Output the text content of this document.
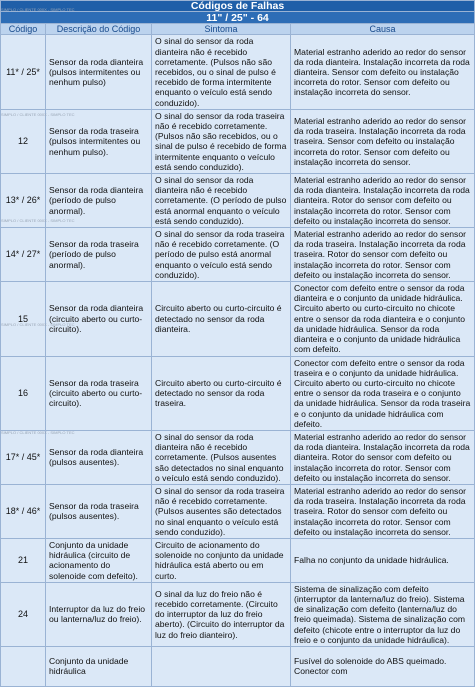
Códigos de Falhas			
11" / 25" - 64			
Código	Descrição do Código	Sintoma	Causa
11* / 25*	Sensor da roda dianteira (pulsos intermitentes ou nenhum pulso)	O sinal do sensor da roda dianteira não é recebido corretamente. (Pulsos não são recebidos, ou o sinal de pulso é recebido de forma intermitente enquanto o veículo está sendo conduzido).	Material estranho aderido ao redor do sensor da roda dianteira. Instalação incorreta da roda dianteira. Sensor com defeito ou instalação incorreta do rotor. Sensor com defeito ou instalação incorreta do sensor.
12	Sensor da roda traseira (pulsos intermitentes ou nenhum pulso).	O sinal do sensor da roda traseira não é recebido corretamente. (Pulsos não são recebidos, ou o sinal de pulso é recebido de forma intermitente enquanto o veículo está sendo conduzido).	Material estranho aderido ao redor do sensor da roda traseira. Instalação incorreta da roda traseira. Sensor com defeito ou instalação incorreta do rotor. Sensor com defeito ou instalação incorreta do sensor.
13* / 26*	Sensor da roda dianteira (período de pulso anormal).	O sinal do sensor da roda dianteira não é recebido corretamente. (O período de pulso está anormal enquanto o veículo está sendo conduzido).	Material estranho aderido ao redor do sensor da roda dianteira. Instalação incorreta da roda dianteira. Rotor do sensor com defeito ou instalação incorreta do rotor. Sensor com defeito ou instalação incorreta do sensor.
14* / 27*	Sensor da roda traseira (período de pulso anormal).	O sinal do sensor da roda traseira não é recebido corretamente. (O período de pulso está anormal enquanto o veículo está sendo conduzido).	Material estranho aderido ao redor do sensor da roda traseira. Instalação incorreta da roda traseira. Rotor do sensor com defeito ou instalação incorreta do rotor. Sensor com defeito ou instalação incorreta do sensor.
15	Sensor da roda dianteira (circuito aberto ou curto-circuito).	Circuito aberto ou curto-circuito é detectado no sensor da roda dianteira.	Conector com defeito entre o sensor da roda dianteira e o conjunto da unidade hidráulica. Circuito aberto ou curto-circuito no chicote entre o sensor da roda dianteira e o conjunto da unidade hidráulica. Sensor da roda dianteira e o conjunto da unidade hidráulica com defeito.
16	Sensor da roda traseira (circuito aberto ou curto-circuito).	Circuito aberto ou curto-circuito é detectado no sensor da roda traseira.	Conector com defeito entre o sensor da roda traseira e o conjunto da unidade hidráulica. Circuito aberto ou curto-circuito no chicote entre o sensor da roda traseira e o conjunto da unidade hidráulica. Sensor da roda traseira e o conjunto da unidade hidráulica com defeito.
17* / 45*	Sensor da roda dianteira (pulsos ausentes).	O sinal do sensor da roda dianteira não é recebido corretamente. (Pulsos ausentes são detectados no sinal enquanto o veículo está sendo conduzido).	Material estranho aderido ao redor do sensor da roda dianteira. Instalação incorreta da roda dianteira. Rotor do sensor com defeito ou instalação incorreta do rotor. Sensor com defeito ou instalação incorreta do sensor.
18* / 46*	Sensor da roda traseira (pulsos ausentes).	O sinal do sensor da roda traseira não é recebido corretamente. (Pulsos ausentes são detectados no sinal enquanto o veículo está sendo conduzido).	Material estranho aderido ao redor do sensor da roda traseira. Instalação incorreta da roda traseira. Rotor do sensor com defeito ou instalação incorreta do rotor. Sensor com defeito ou instalação incorreta do sensor.
21	Conjunto da unidade hidráulica (circuito de acionamento do solenoide com defeito).	Circuito de acionamento do solenoide no conjunto da unidade hidráulica está aberto ou em curto.	Falha no conjunto da unidade hidráulica.
24	Interruptor da luz do freio ou lanterna/luz do freio).	O sinal da luz do freio não é recebido corretamente. (Circuito do interruptor da luz do freio aberto). (Circuito do interruptor da luz do freio dianteiro).	Sistema de sinalização com defeito (interruptor da lanterna/luz do freio). Sistema de sinalização com defeito (lanterna/luz do freio queimada). Sistema de sinalização com defeito (chicote entre o interruptor da luz do freio e o conjunto da unidade hidráulica).
	Conjunto da unidade hidráulica		Fusível do solenoide do ABS queimado. Conector com
SIMPLO / CLIENTE 000X - SIMPLO TEC
SIMPLO / CLIENTE 000X - SIMPLO TEC
SIMPLO / CLIENTE 000X - SIMPLO TEC
SIMPLO / CLIENTE 000X - SIMPLO TEC
SIMPLO / CLIENTE 000X - SIMPLO TEC
